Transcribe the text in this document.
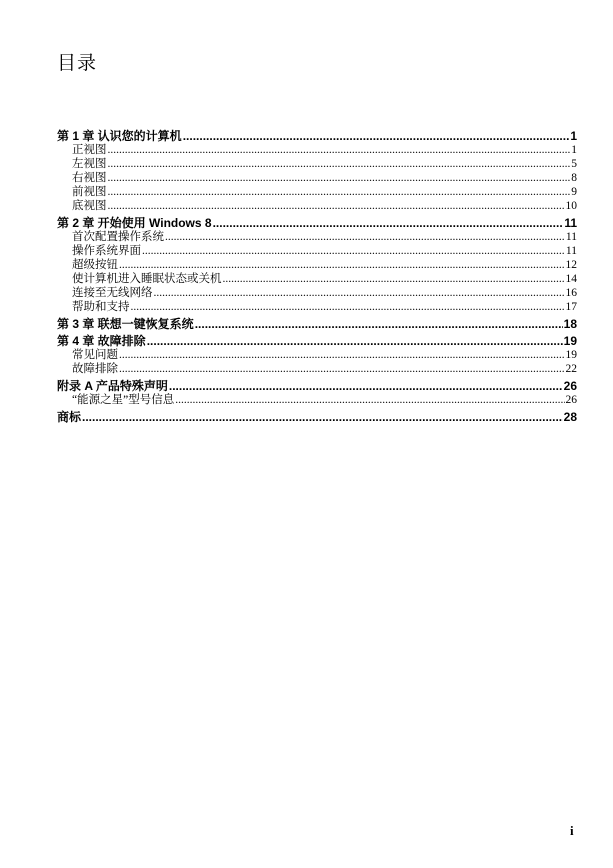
目录
第 1 章 认识您的计算机 .....	1
正视图 .....	1
左视图 .....	5
右视图 .....	8
前视图 .....	9
底视图 .....	10
第 2 章 开始使用 Windows 8 .....	11
首次配置操作系统 .....	11
操作系统界面 .....	11
超级按钮 .....	12
使计算机进入睡眠状态或关机 .....	14
连接至无线网络 .....	16
帮助和支持 .....	17
第 3 章 联想一键恢复系统 .....	18
第 4 章 故障排除 .....	19
常见问题 .....	19
故障排除 .....	22
附录 A 产品特殊声明 .....	26
“能源之星”型号信息 .....	26
商标 .....	28
i
